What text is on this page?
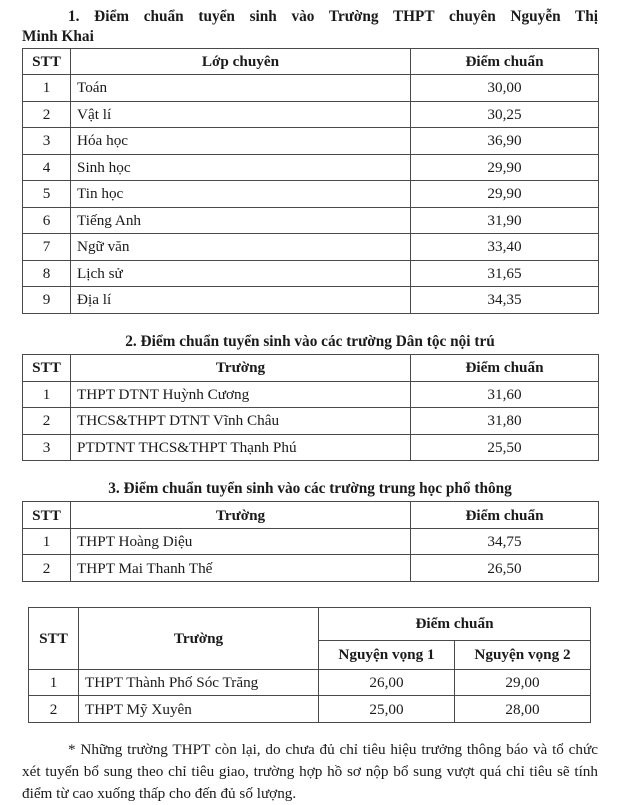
1. Điểm chuẩn tuyển sinh vào Trường THPT chuyên Nguyễn Thị
Minh Khai
STT	Lớp chuyên	Điểm chuẩn
1	Toán	30,00
2	Vật lí	30,25
3	Hóa học	36,90
4	Sinh học	29,90
5	Tin học	29,90
6	Tiếng Anh	31,90
7	Ngữ văn	33,40
8	Lịch sử	31,65
9	Địa lí	34,35
2. Điểm chuẩn tuyển sinh vào các trường Dân tộc nội trú
STT	Trường	Điểm chuẩn
1	THPT DTNT Huỳnh Cương	31,60
2	THCS&THPT DTNT Vĩnh Châu	31,80
3	PTDTNT THCS&THPT Thạnh Phú	25,50
3. Điểm chuẩn tuyển sinh vào các trường trung học phổ thông
STT	Trường	Điểm chuẩn
1	THPT Hoàng Diệu	34,75
2	THPT Mai Thanh Thế	26,50
STT	Trường	Điểm chuẩn	
		Nguyện vọng 1	Nguyện vọng 2
1	THPT Thành Phố Sóc Trăng	26,00	29,00
2	THPT Mỹ Xuyên	25,00	28,00

* Những trường THPT còn lại, do chưa đủ chỉ tiêu hiệu trưởng thông báo và tổ chức xét tuyển bổ sung theo chỉ tiêu giao, trường hợp hồ sơ nộp bổ sung vượt quá chỉ tiêu sẽ tính điểm từ cao xuống thấp cho đến đủ số lượng.
